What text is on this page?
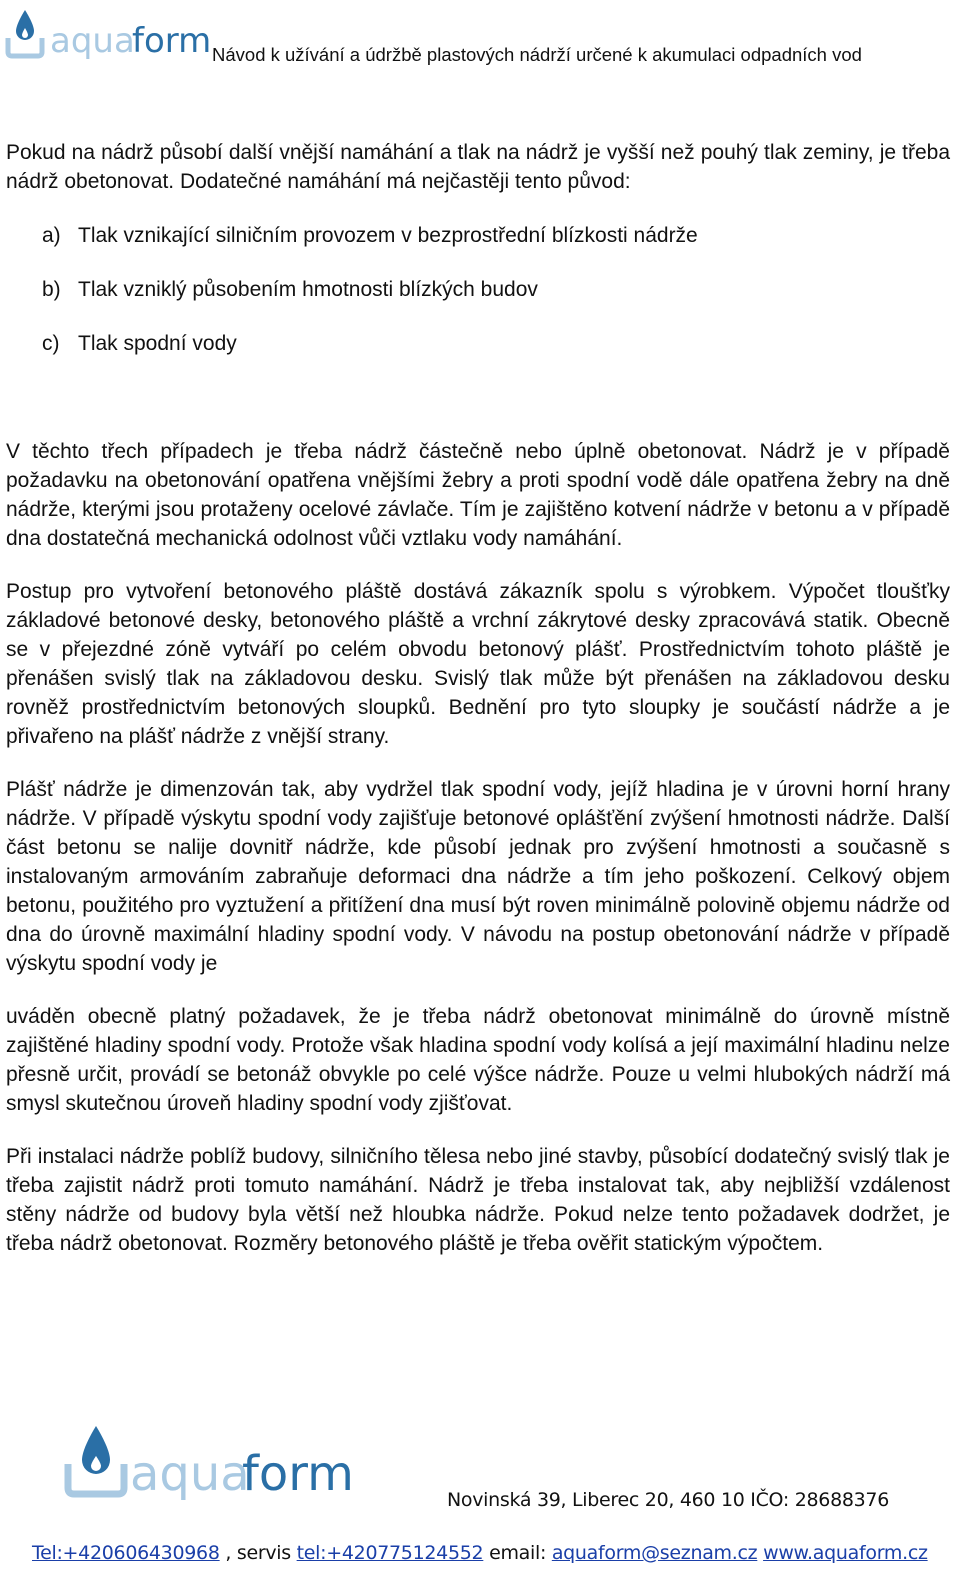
aqua
form Návod k užívání a údržbě plastových nádrží určené k akumulaci odpadních vod

Pokud na nádrž působí další vnější namáhání a tlak na nádrž je vyšší než pouhý tlak zeminy, je třeba nádrž obetonovat. Dodatečné namáhání má nejčastěji tento původ:

a) Tlak vznikající silničním provozem v bezprostřední blízkosti nádrže
b) Tlak vzniklý působením hmotnosti blízkých budov
c) Tlak spodní vody

V těchto třech případech je třeba nádrž částečně nebo úplně obetonovat. Nádrž je v případě požadavku na obetonování opatřena vnějšími žebry a proti spodní vodě dále opatřena žebry na dně nádrže, kterými jsou protaženy ocelové závlače. Tím je zajištěno kotvení nádrže v betonu a v případě dna dostatečná mechanická odolnost vůči vztlaku vody namáhání.

Postup pro vytvoření betonového pláště dostává zákazník spolu s výrobkem. Výpočet tloušťky základové betonové desky, betonového pláště a vrchní zákrytové desky zpracovává statik. Obecně se v přejezdné zóně vytváří po celém obvodu betonový plášť. Prostřednictvím tohoto pláště je přenášen svislý tlak na základovou desku. Svislý tlak může být přenášen na základovou desku rovněž prostřednictvím betonových sloupků. Bednění pro tyto sloupky je součástí nádrže a je přivařeno na plášť nádrže z vnější strany.

Plášť nádrže je dimenzován tak, aby vydržel tlak spodní vody, jejíž hladina je v úrovni horní hrany nádrže. V případě výskytu spodní vody zajišťuje betonové oplášťění zvýšení hmotnosti nádrže. Další část betonu se nalije dovnitř nádrže, kde působí jednak pro zvýšení hmotnosti a současně s instalovaným armováním zabraňuje deformaci dna nádrže a tím jeho poškození. Celkový objem betonu, použitého pro vyztužení a přitížení dna musí být roven minimálně polovině objemu nádrže od dna do úrovně maximální hladiny spodní vody. V návodu na postup obetonování nádrže v případě výskytu spodní vody je

uváděn obecně platný požadavek, že je třeba nádrž obetonovat minimálně do úrovně místně zajištěné hladiny spodní vody. Protože však hladina spodní vody kolísá a její maximální hladinu nelze přesně určit, provádí se betonáž obvykle po celé výšce nádrže. Pouze u velmi hlubokých nádrží má smysl skutečnou úroveň hladiny spodní vody zjišťovat.

Při instalaci nádrže poblíž budovy, silničního tělesa nebo jiné stavby, působící dodatečný svislý tlak je třeba zajistit nádrž proti tomuto namáhání. Nádrž je třeba instalovat tak, aby nejbližší vzdálenost stěny nádrže od budovy byla větší než hloubka nádrže. Pokud nelze tento požadavek dodržet, je třeba nádrž obetonovat. Rozměry betonového pláště je třeba ověřit statickým výpočtem.

aqua
form	Novinská 39, Liberec 20, 460 10 IČO: 28688376
Tel:+420606430968 , servis tel:+420775124552 email: aquaform@seznam.cz www.aquaform.cz
